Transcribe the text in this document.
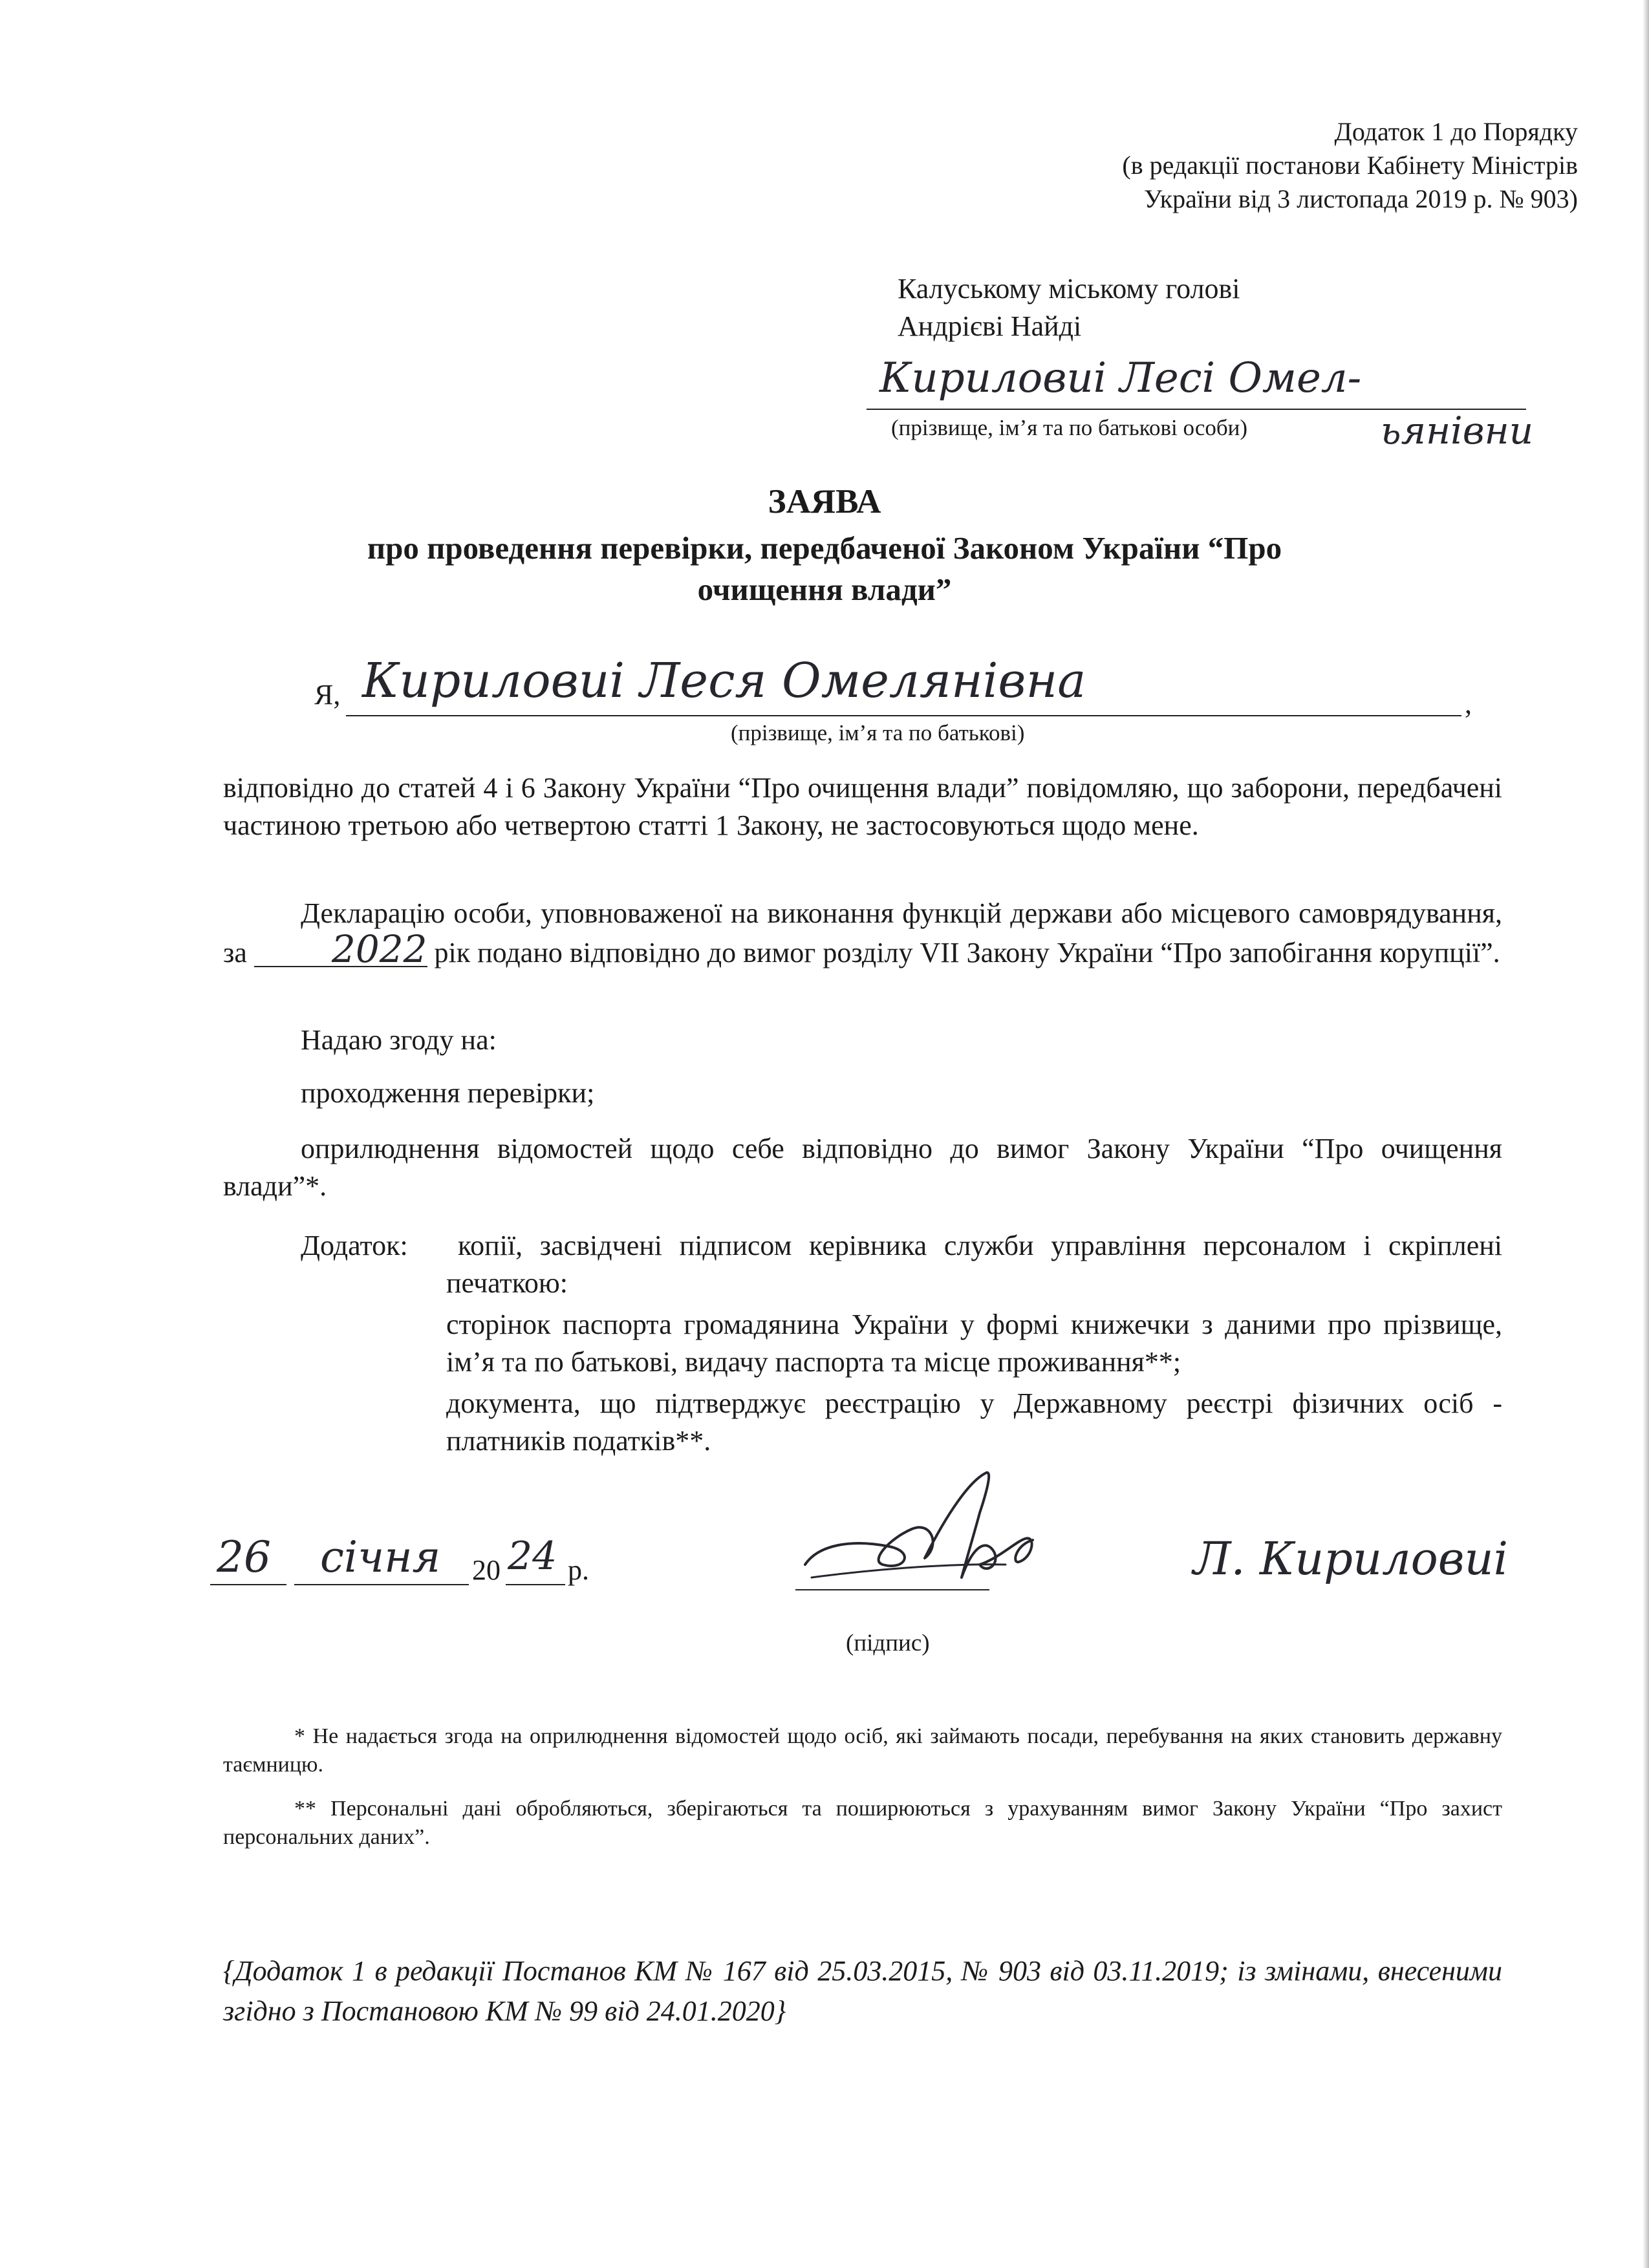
Додаток 1 до Порядку
(в редакції постанови Кабінету Міністрів
України від 3 листопада 2019 р. № 903)
Калуському міському голові
Андрієві Найді
Кириловиі Лесі Омел-
(прізвище, ім’я та по батькові особи)	ьянівни
ЗАЯВА
про проведення перевірки, передбаченої Законом України “Про
очищення влади”
Я, Кириловиі Леся Омелянівна	,
(прізвище, ім’я та по батькові)
відповідно до статей 4 і 6 Закону України “Про очищення влади” повідомляю, що заборони, передбачені частиною третьою або четвертою статті 1 Закону, не застосовуються щодо мене.
Декларацію особи, уповноваженої на виконання функцій держави або місцевого самоврядування, за 2022 рік подано відповідно до вимог розділу VII Закону України “Про запобігання корупції”.
Надаю згоду на:
проходження перевірки;
оприлюднення відомостей щодо себе відповідно до вимог Закону України “Про очищення влади”*.
Додаток:	копії, засвідчені підписом керівника служби управління персоналом і скріплені печаткою:
сторінок паспорта громадянина України у формі книжечки з даними про прізвище, ім’я та по батькові, видачу паспорта та місце проживання**;
документа, що підтверджує реєстрацію у Державному реєстрі фізичних осіб - платників податків**.
26 січня 20 24 р.
(підпис)
Л. Кириловиі
* Не надається згода на оприлюднення відомостей щодо осіб, які займають посади, перебування на яких становить державну таємницю.
** Персональні дані обробляються, зберігаються та поширюються з урахуванням вимог Закону України “Про захист персональних даних”.
{Додаток 1 в редакції Постанов КМ № 167 від 25.03.2015, № 903 від 03.11.2019; із змінами, внесеними згідно з Постановою КМ № 99 від 24.01.2020}
